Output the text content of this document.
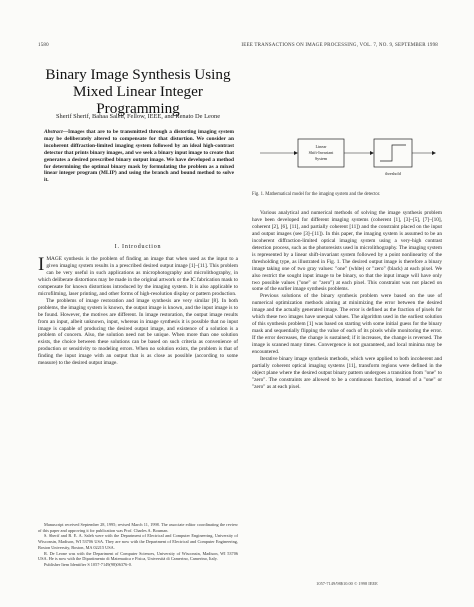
1580	IEEE TRANSACTIONS ON IMAGE PROCESSING, VOL. 7, NO. 9, SEPTEMBER 1998
Binary Image Synthesis Using
Mixed Linear Integer Programming
Sherif Sherif, Bahaa Saleh, Fellow, IEEE, and Renato De Leone
Abstract—Images that are to be transmitted through a distorting imaging system may be deliberately altered to compensate for that distortion. We consider an incoherent diffraction-limited imaging system followed by an ideal high-contrast detector that prints binary images, and we seek a binary input image to create that generates a desired prescribed binary output image. We have developed a method for determining the optimal binary mask by formulating the problem as a mixed linear integer program (MLIP) and using the branch and bound method to solve it.
I. Introduction

IMAGE synthesis is the problem of finding an image that when used as the input to a given imaging system results in a prescribed desired output image [1]–[11]. This problem can be very useful in such applications as microphotography and microlithography, in which deliberate distortions may be made in the original artwork or the IC fabrication mask to compensate for known distortions introduced by the imaging system. It is also applicable to microfilming, laser printing, and other forms of high-resolution display or pattern production.

The problems of image restoration and image synthesis are very similar [8]. In both problems, the imaging system is known, the output image is known, and the input image is to be found. However, the motives are different. In image restoration, the output image results from an input, albeit unknown, input, whereas in image synthesis it is possible that no input image is capable of producing the desired output image, and existence of a solution is a problem of concern. Also, the solution need not be unique. When more than one solution exists, the choice between these solutions can be based on such criteria as convenience of production or sensitivity to modeling errors. When no solution exists, the problem is that of finding the input image with an output that is as close as possible (according to some measure) to the desired output image.

Manuscript received September 28, 1995; revised March 11, 1998. The associate editor coordinating the review of this paper and approving it for publication was Prof. Charles A. Bouman.

S. Sherif and B. E. A. Saleh were with the Department of Electrical and Computer Engineering, University of Wisconsin, Madison, WI 53706 USA. They are now with the Department of Electrical and Computer Engineering, Boston University, Boston, MA 02215 USA.

R. De Leone was with the Department of Computer Sciences, University of Wisconsin, Madison, WI 53706 USA. He is now with the Dipartimento di Matematica e Fisica, Università di Camerino, Camerino, Italy.

Publisher Item Identifier S 1057-7149(98)06376-0.

Linear
Shift-Invariant
System
threshold
Fig. 1. Mathematical model for the imaging system and the detector.

Various analytical and numerical methods of solving the image synthesis problem have been developed for different imaging systems (coherent [1], [3]–[5], [7]–[10], coherent [2], [6], [11], and partially coherent [11]) and the constraint placed on the input and output images (see [3]–[11]). In this paper, the imaging system is assumed to be an incoherent diffraction-limited optical imaging system using a very-high contrast detection process, such as the photoresists used in microlithography. The imaging system is represented by a linear shift-invariant system followed by a point nonlinearity of the thresholding type, as illustrated in Fig. 1. The desired output image is therefore a binary image taking one of two gray values: "one" (white) or "zero" (black) at each pixel. We also restrict the sought input image to be binary, so that the input image will have only two possible values ("one" or "zero") at each pixel. This constraint was not placed on some of the earlier image synthesis problems.

Previous solutions of the binary synthesis problem were based on the use of numerical optimization methods aiming at minimizing the error between the desired image and the actually generated image. The error is defined as the fraction of pixels for which these two images have unequal values. The algorithm used in the earliest solution of this synthesis problem [1] was based on starting with some initial guess for the binary mask and sequentially flipping the value of each of its pixels while monitoring the error. If the error decreases, the change is sustained; if it increases, the change is reversed. The image is scanned many times. Convergence is not guaranteed, and local minima may be encountered.

Iterative binary image synthesis methods, which were applied to both incoherent and partially coherent optical imaging systems [11], transform regions were defined in the object plane where the desired output binary pattern undergoes a transition from "one" to "zero". The constraints are allowed to be a continuous function, instead of a "one" or "zero" as at each pixel.

1057-7149/98$10.00 © 1998 IEEE
